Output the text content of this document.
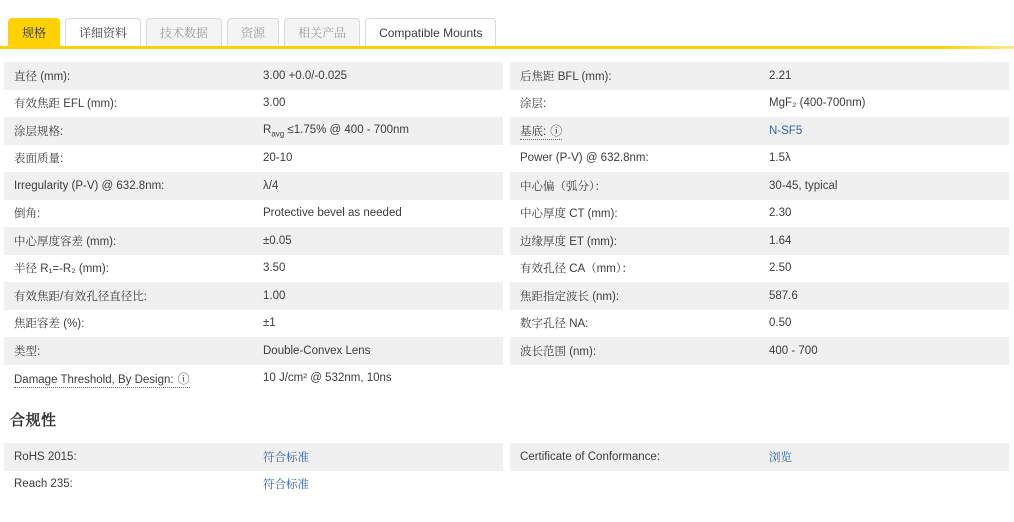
规格	详细资料	技术数据	资源	相关产品	Compatible Mounts
直径 (mm):	3.00 +0.0/-0.025
有效焦距 EFL (mm):	3.00
涂层规格:	$R_{avg} \le 1.75\%$ @ 400 - 700nm
表面质量:	20-10
Irregularity (P-V) @ 632.8nm:	λ/4
倒角:	Protective bevel as needed
中心厚度容差 (mm):	±0.05
半径 R₁=-R₂ (mm):	3.50
有效焦距/有效孔径直径比:	1.00
焦距容差 (%):	±1
类型:	Double-Convex Lens
Damage Threshold, By Design: ⓘ	10 J/cm² @ 532nm, 10ns
后焦距 BFL (mm):	2.21
涂层:	MgF₂ (400-700nm)
基底: ⓘ	N-SF5
Power (P-V) @ 632.8nm:	1.5λ
中心偏（弧分）：	30-45, typical
中心厚度 CT (mm):	2.30
边缘厚度 ET (mm):	1.64
有效孔径 CA（mm）：	2.50
焦距指定波长 (nm):	587.6
数字孔径 NA:	0.50
波长范围 (nm):	400 - 700
合规性
RoHS 2015:	符合标准
Reach 235:	符合标准
Certificate of Conformance:	浏览
